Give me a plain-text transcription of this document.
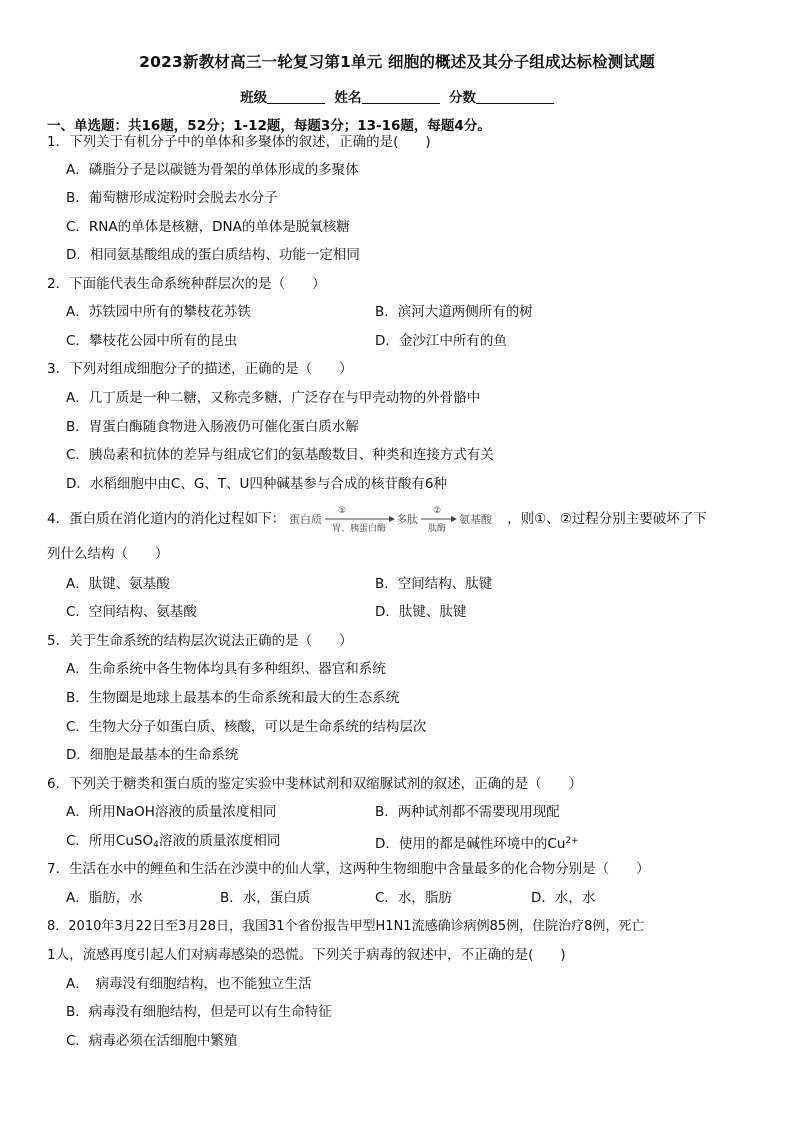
2023新教材高三一轮复习第1单元 细胞的概述及其分子组成达标检测试题
班级	姓名	分数
一、单选题：共16题，52分；1-12题，每题3分；13-16题，每题4分。
1．下列关于有机分子中的单体和多聚体的叙述，正确的是(　　)
A．磷脂分子是以碳链为骨架的单体形成的多聚体
B．葡萄糖形成淀粉时会脱去水分子
C．RNA的单体是核糖，DNA的单体是脱氧核糖
D．相同氨基酸组成的蛋白质结构、功能一定相同
2．下面能代表生命系统种群层次的是（　　）
A．苏铁园中所有的攀枝花苏铁	B．滨河大道两侧所有的树
C．攀枝花公园中所有的昆虫	D．金沙江中所有的鱼
3．下列对组成细胞分子的描述，正确的是（　　）
A．几丁质是一种二糖，又称壳多糖，广泛存在与甲壳动物的外骨骼中
B．胃蛋白酶随食物进入肠液仍可催化蛋白质水解
C．胰岛素和抗体的差异与组成它们的氨基酸数目、种类和连接方式有关
D．水稻细胞中由C、G、T、U四种碱基参与合成的核苷酸有6种
4．蛋白质在消化道内的消化过程如下： 蛋白质
①
胃、胰蛋白酶
多肽
②
肽酶
氨基酸 ，则①、②过程分别主要破坏了下
列什么结构（　　）
A．肽键、氨基酸	B．空间结构、肽键
C．空间结构、氨基酸	D．肽键、肽键
5．关于生命系统的结构层次说法正确的是（　　）
A．生命系统中各生物体均具有多种组织、器官和系统
B．生物圈是地球上最基本的生命系统和最大的生态系统
C．生物大分子如蛋白质、核酸，可以是生命系统的结构层次
D．细胞是最基本的生命系统
6．下列关于糖类和蛋白质的鉴定实验中斐林试剂和双缩脲试剂的叙述，正确的是（　　）
A．所用NaOH溶液的质量浓度相同	B．两种试剂都不需要现用现配
C．所用CuSO$_4$溶液的质量浓度相同	D．使用的都是碱性环境中的$Cu^{2+}$
7．生活在水中的鲤鱼和生活在沙漠中的仙人掌，这两种生物细胞中含量最多的化合物分别是（　　）
A．脂肪，水	B．水，蛋白质	C．水，脂肪	D．水，水
8．2010年3月22日至3月28日，我国31个省份报告甲型H1N1流感确诊病例85例，住院治疗8例，死亡
1人，流感再度引起人们对病毒感染的恐慌。下列关于病毒的叙述中，不正确的是(　　)
A．　病毒没有细胞结构，也不能独立生活
B．病毒没有细胞结构，但是可以有生命特征
C．病毒必须在活细胞中繁殖
